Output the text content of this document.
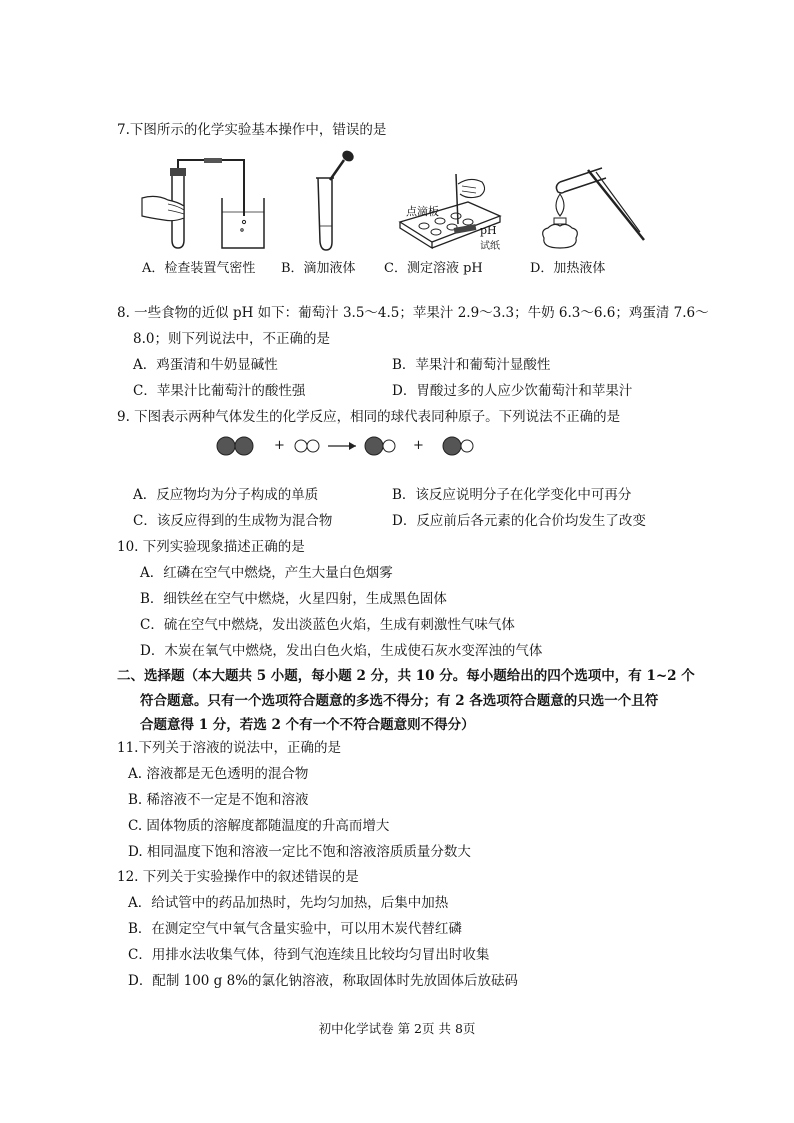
7.下图所示的化学实验基本操作中，错误的是
点滴板
pH
试纸
A．检查装置气密性 B．滴加液体 C．测定溶液 pH	D．加热液体
8. 一些食物的近似 pH 如下：葡萄汁 3.5～4.5；苹果汁 2.9～3.3；牛奶 6.3～6.6；鸡蛋清 7.6～
8.0；则下列说法中，不正确的是
A．鸡蛋清和牛奶显碱性	B．苹果汁和葡萄汁显酸性
C．苹果汁比葡萄汁的酸性强	D．胃酸过多的人应少饮葡萄汁和苹果汁
9. 下图表示两种气体发生的化学反应，相同的球代表同种原子。下列说法不正确的是
+	+
A．反应物均为分子构成的单质	B．该反应说明分子在化学变化中可再分
C．该反应得到的生成物为混合物	D．反应前后各元素的化合价均发生了改变
10. 下列实验现象描述正确的是
A．红磷在空气中燃烧，产生大量白色烟雾
B．细铁丝在空气中燃烧，火星四射，生成黑色固体
C．硫在空气中燃烧，发出淡蓝色火焰，生成有刺激性气味气体
D．木炭在氧气中燃烧，发出白色火焰，生成使石灰水变浑浊的气体
二、选择题（本大题共 5 小题，每小题 2 分，共 10 分。每小题给出的四个选项中，有 1~2 个
符合题意。只有一个选项符合题意的多选不得分；有 2 各选项符合题意的只选一个且符
合题意得 1 分，若选 2 个有一个不符合题意则不得分）
11.下列关于溶液的说法中，正确的是
A. 溶液都是无色透明的混合物
B. 稀溶液不一定是不饱和溶液
C. 固体物质的溶解度都随温度的升高而增大
D. 相同温度下饱和溶液一定比不饱和溶液溶质质量分数大
12. 下列关于实验操作中的叙述错误的是
A．给试管中的药品加热时，先均匀加热，后集中加热
B．在测定空气中氧气含量实验中，可以用木炭代替红磷
C．用排水法收集气体，待到气泡连续且比较均匀冒出时收集
D．配制 100 g 8%的氯化钠溶液，称取固体时先放固体后放砝码
初中化学试卷 第 2页 共 8页
